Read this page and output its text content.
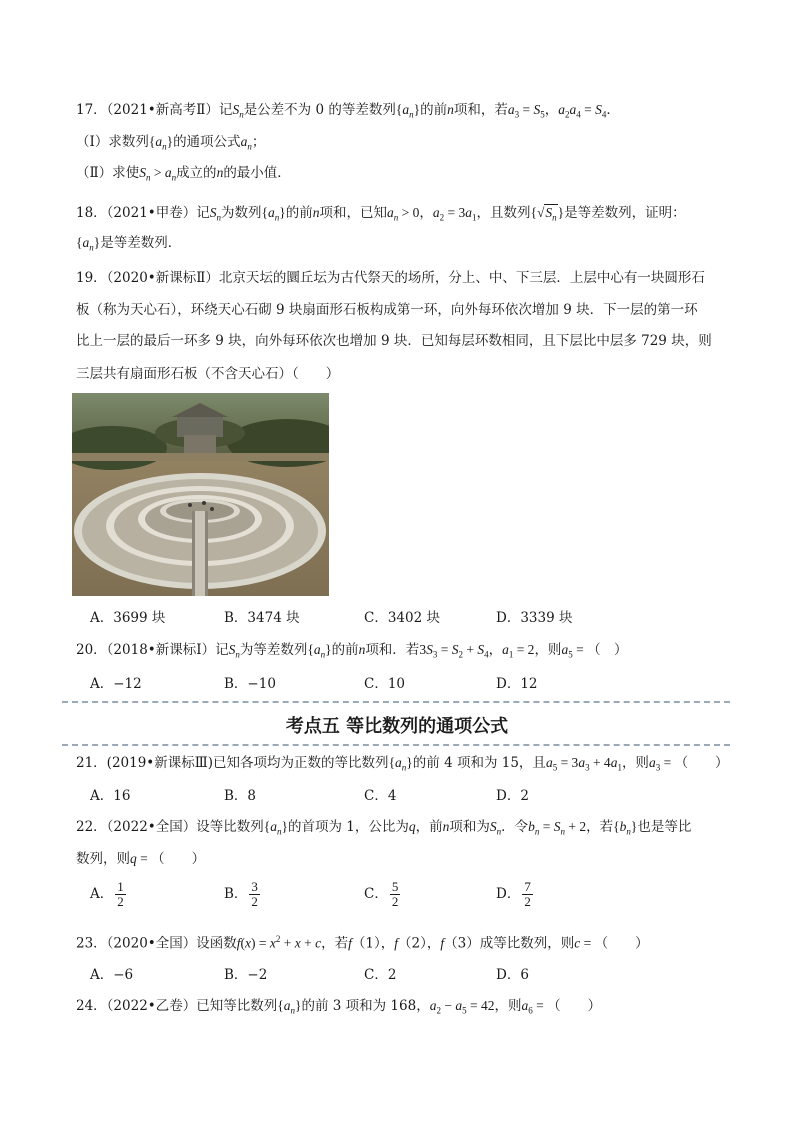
17．（2021•新高考Ⅱ）记$S_n$是公差不为 0 的等差数列$\{a_n\}$的前n项和，若$a_3 = S_5$，$a_2a_4 = S_4$．
（Ⅰ）求数列$\{a_n\}$的通项公式$a_n$；
（Ⅱ）求使$S_n > a_n$成立的n的最小值．
18．（2021•甲卷）记$S_n$为数列$\{a_n\}$的前n项和，已知$a_n > 0$，$a_2 = 3a_1$，且数列$\{√S_n\}$是等差数列，证明：
$\{a_n\}$是等差数列．
19．（2020•新课标Ⅱ）北京天坛的圜丘坛为古代祭天的场所，分上、中、下三层．上层中心有一块圆形石
板（称为天心石），环绕天心石砌 9 块扇面形石板构成第一环，向外每环依次增加 9 块．下一层的第一环
比上一层的最后一环多 9 块，向外每环依次也增加 9 块．已知每层环数相同，且下层比中层多 729 块，则
三层共有扇面形石板（不含天心石）（　　）
A．3699 块	B．3474 块	C．3402 块	D．3339 块
20．（2018•新课标Ⅰ）记$S_n$为等差数列$\{a_n\}$的前n项和．若$3S_3 = S_2 + S_4$，$a_1 = 2$，则$a_5$ = （　）
A．−12	B．−10	C．10	D．12
考点五 等比数列的通项公式
21．(2019•新课标Ⅲ)已知各项均为正数的等比数列$\{a_n\}$的前 4 项和为 15，且$a_5 = 3a_3 + 4a_1$，则$a_3$ = （　　）
A．16	B．8	C．4	D．2
22．（2022•全国）设等比数列$\{a_n\}$的首项为 1，公比为q，前n项和为$S_n$．令$b_n = S_n + 2$，若$\{b_n\}$也是等比
数列，则q = （　　）
A． $\frac{1}{2}$	B． $\frac{3}{2}$	C． $\frac{5}{2}$	D． $\frac{7}{2}$
23．（2020•全国）设函数$f(x) = x^2 + x + c$，若f（1），f（2），f（3）成等比数列，则c = （　　）
A．−6	B．−2	C．2	D．6
24．（2022•乙卷）已知等比数列$\{a_n\}$的前 3 项和为 168，$a_2 - a_5 = 42$，则$a_6$ = （　　）
